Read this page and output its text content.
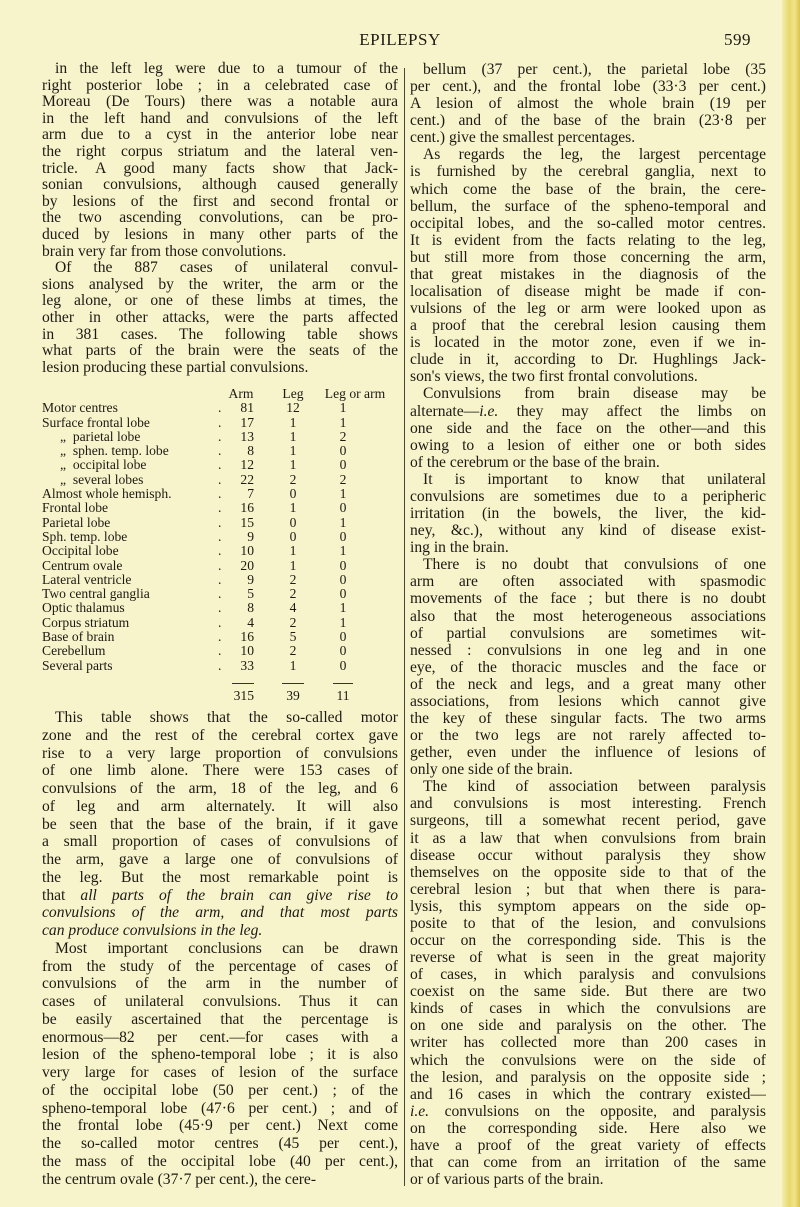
EPILEPSY	599
in the left leg were due to a tumour of the
right posterior lobe ; in a celebrated case of
Moreau (De Tours) there was a notable aura
in the left hand and convulsions of the left
arm due to a cyst in the anterior lobe near
the right corpus striatum and the lateral ven-
tricle. A good many facts show that Jack-
sonian convulsions, although caused generally
by lesions of the first and second frontal or
the two ascending convolutions, can be pro-
duced by lesions in many other parts of the
brain very far from those convolutions.
Of the 887 cases of unilateral convul-
sions analysed by the writer, the arm or the
leg alone, or one of these limbs at times, the
other in other attacks, were the parts affected
in 381 cases. The following table shows
what parts of the brain were the seats of the
lesion producing these partial convulsions.
Arm	Leg	Leg or arm
Motor centres	81	12	1
.
Surface frontal lobe	17	1	1
.
„  parietal lobe	13	1	2
.
„  sphen. temp. lobe	8	1	0
.
„  occipital lobe	12	1	0
.
„  several lobes	22	2	2
.
Almost whole hemisph.	7	0	1
.
Frontal lobe	16	1	0
.
Parietal lobe	15	0	1
.
Sph. temp. lobe	9	0	0
.
Occipital lobe	10	1	1
.
Centrum ovale	20	1	0
.
Lateral ventricle	9	2	0
.
Two central ganglia	5	2	0
.
Optic thalamus	8	4	1
.
Corpus striatum	4	2	1
.
Base of brain	16	5	0
.
Cerebellum	10	2	0
.
Several parts	33	1	0
.
315	39	11
This table shows that the so-called motor
zone and the rest of the cerebral cortex gave
rise to a very large proportion of convulsions
of one limb alone. There were 153 cases of
convulsions of the arm, 18 of the leg, and 6
of leg and arm alternately. It will also
be seen that the base of the brain, if it gave
a small proportion of cases of convulsions of
the arm, gave a large one of convulsions of
the leg. But the most remarkable point is
that all parts of the brain can give rise to
convulsions of the arm, and that most parts
can produce convulsions in the leg.
Most important conclusions can be drawn
from the study of the percentage of cases of
convulsions of the arm in the number of
cases of unilateral convulsions. Thus it can
be easily ascertained that the percentage is
enormous—82 per cent.—for cases with a
lesion of the spheno-temporal lobe ; it is also
very large for cases of lesion of the surface
of the occipital lobe (50 per cent.) ; of the
spheno-temporal lobe (47·6 per cent.) ; and of
the frontal lobe (45·9 per cent.) Next come
the so-called motor centres (45 per cent.),
the mass of the occipital lobe (40 per cent.),
the centrum ovale (37·7 per cent.), the cere-
bellum (37 per cent.), the parietal lobe (35
per cent.), and the frontal lobe (33·3 per cent.)
A lesion of almost the whole brain (19 per
cent.) and of the base of the brain (23·8 per
cent.) give the smallest percentages.
As regards the leg, the largest percentage
is furnished by the cerebral ganglia, next to
which come the base of the brain, the cere-
bellum, the surface of the spheno-temporal and
occipital lobes, and the so-called motor centres.
It is evident from the facts relating to the leg,
but still more from those concerning the arm,
that great mistakes in the diagnosis of the
localisation of disease might be made if con-
vulsions of the leg or arm were looked upon as
a proof that the cerebral lesion causing them
is located in the motor zone, even if we in-
clude in it, according to Dr. Hughlings Jack-
son's views, the two first frontal convolutions.
Convulsions from brain disease may be
alternate—i.e. they may affect the limbs on
one side and the face on the other—and this
owing to a lesion of either one or both sides
of the cerebrum or the base of the brain.
It is important to know that unilateral
convulsions are sometimes due to a peripheric
irritation (in the bowels, the liver, the kid-
ney, &c.), without any kind of disease exist-
ing in the brain.
There is no doubt that convulsions of one
arm are often associated with spasmodic
movements of the face ; but there is no doubt
also that the most heterogeneous associations
of partial convulsions are sometimes wit-
nessed : convulsions in one leg and in one
eye, of the thoracic muscles and the face or
of the neck and legs, and a great many other
associations, from lesions which cannot give
the key of these singular facts. The two arms
or the two legs are not rarely affected to-
gether, even under the influence of lesions of
only one side of the brain.
The kind of association between paralysis
and convulsions is most interesting. French
surgeons, till a somewhat recent period, gave
it as a law that when convulsions from brain
disease occur without paralysis they show
themselves on the opposite side to that of the
cerebral lesion ; but that when there is para-
lysis, this symptom appears on the side op-
posite to that of the lesion, and convulsions
occur on the corresponding side. This is the
reverse of what is seen in the great majority
of cases, in which paralysis and convulsions
coexist on the same side. But there are two
kinds of cases in which the convulsions are
on one side and paralysis on the other. The
writer has collected more than 200 cases in
which the convulsions were on the side of
the lesion, and paralysis on the opposite side ;
and 16 cases in which the contrary existed—
i.e. convulsions on the opposite, and paralysis
on the corresponding side. Here also we
have a proof of the great variety of effects
that can come from an irritation of the same
or of various parts of the brain.
